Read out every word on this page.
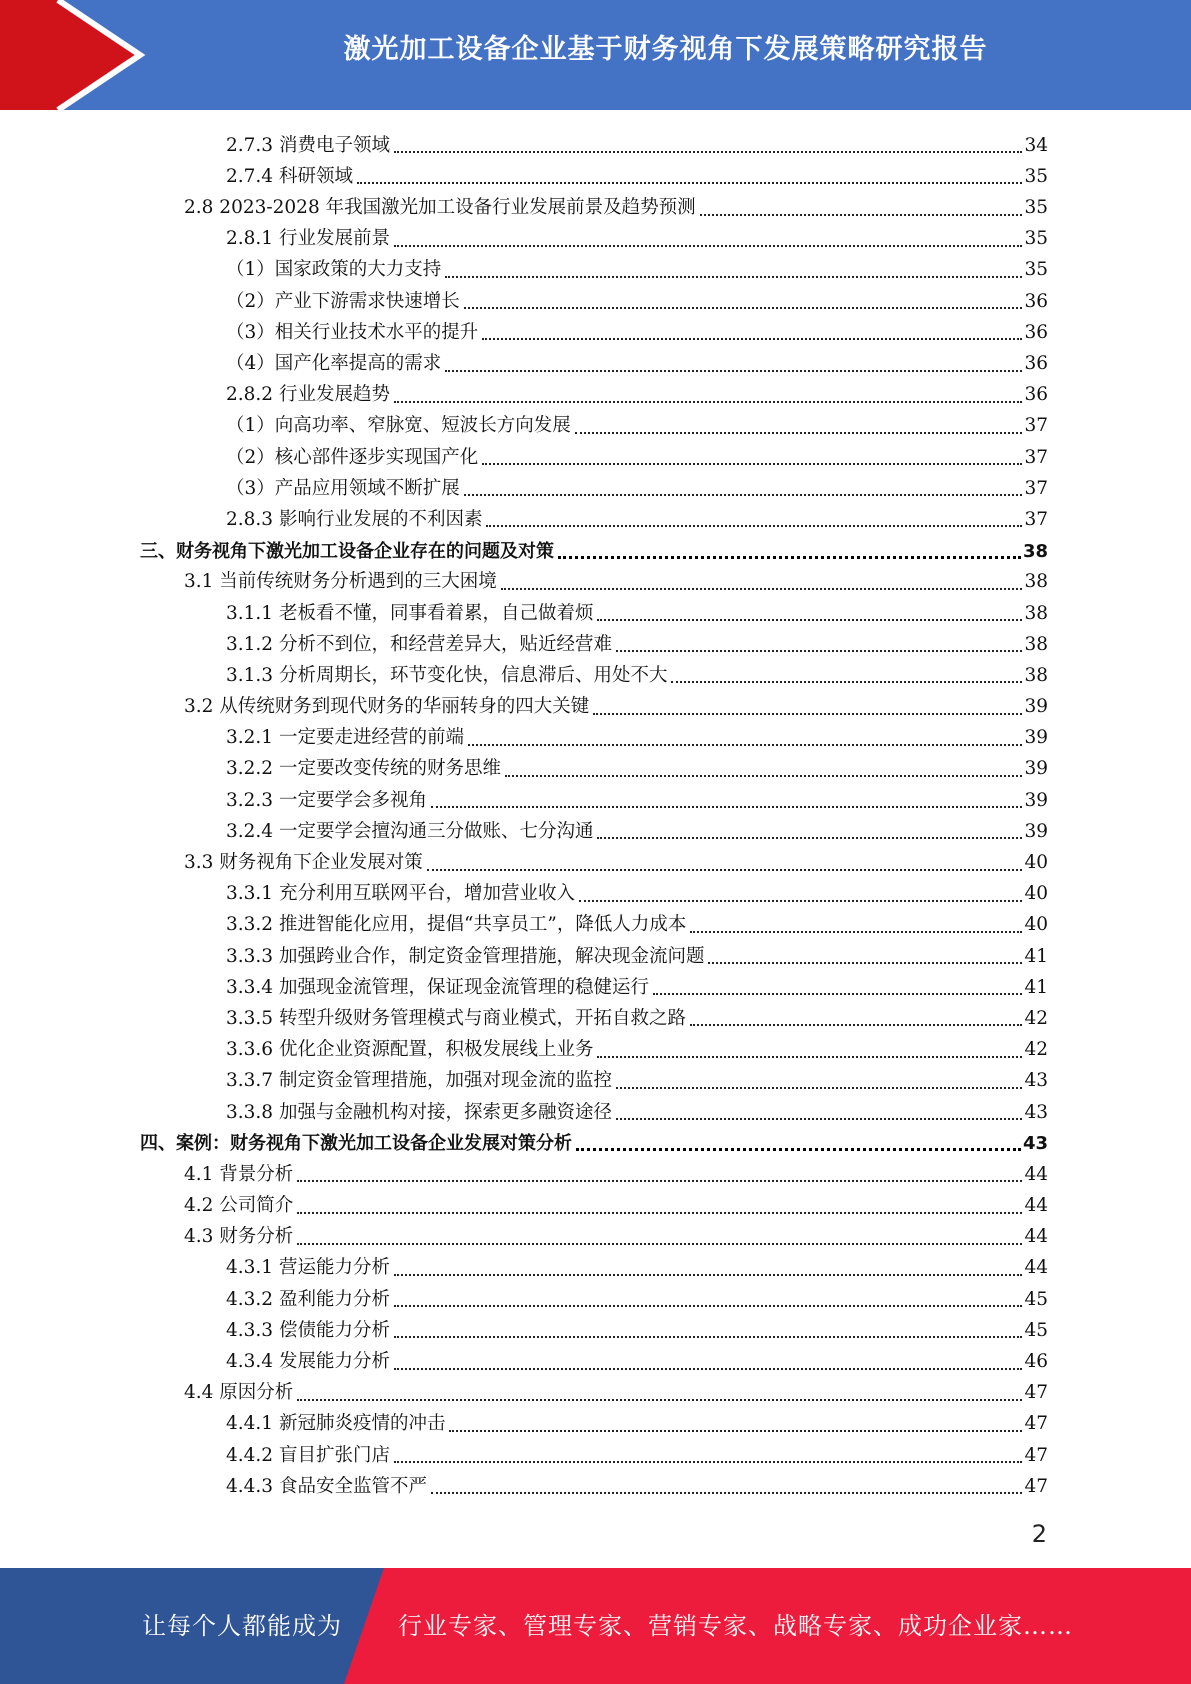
激光加工设备企业基于财务视角下发展策略研究报告
2.7.3 消费电子领域	34
2.7.4 科研领域	35
2.8 2023-2028 年我国激光加工设备行业发展前景及趋势预测	35
2.8.1 行业发展前景	35
（1）国家政策的大力支持	35
（2）产业下游需求快速增长	36
（3）相关行业技术水平的提升	36
（4）国产化率提高的需求	36
2.8.2 行业发展趋势	36
（1）向高功率、窄脉宽、短波长方向发展	37
（2）核心部件逐步实现国产化	37
（3）产品应用领域不断扩展	37
2.8.3 影响行业发展的不利因素	37
三、财务视角下激光加工设备企业存在的问题及对策	38
3.1 当前传统财务分析遇到的三大困境	38
3.1.1 老板看不懂，同事看着累，自己做着烦	38
3.1.2 分析不到位，和经营差异大，贴近经营难	38
3.1.3 分析周期长，环节变化快，信息滞后、用处不大	38
3.2 从传统财务到现代财务的华丽转身的四大关键	39
3.2.1 一定要走进经营的前端	39
3.2.2 一定要改变传统的财务思维	39
3.2.3 一定要学会多视角	39
3.2.4 一定要学会擅沟通三分做账、七分沟通	39
3.3 财务视角下企业发展对策	40
3.3.1 充分利用互联网平台，增加营业收入	40
3.3.2 推进智能化应用，提倡“共享员工”，降低人力成本	40
3.3.3 加强跨业合作，制定资金管理措施，解决现金流问题	41
3.3.4 加强现金流管理，保证现金流管理的稳健运行	41
3.3.5 转型升级财务管理模式与商业模式，开拓自救之路	42
3.3.6 优化企业资源配置，积极发展线上业务	42
3.3.7 制定资金管理措施，加强对现金流的监控	43
3.3.8 加强与金融机构对接，探索更多融资途径	43
四、案例：财务视角下激光加工设备企业发展对策分析	43
4.1 背景分析	44
4.2 公司简介	44
4.3 财务分析	44
4.3.1 营运能力分析	44
4.3.2 盈利能力分析	45
4.3.3 偿债能力分析	45
4.3.4 发展能力分析	46
4.4 原因分析	47
4.4.1 新冠肺炎疫情的冲击	47
4.4.2 盲目扩张门店	47
4.4.3 食品安全监管不严	47
2
让每个人都能成为 行业专家、管理专家、营销专家、战略专家、成功企业家……
